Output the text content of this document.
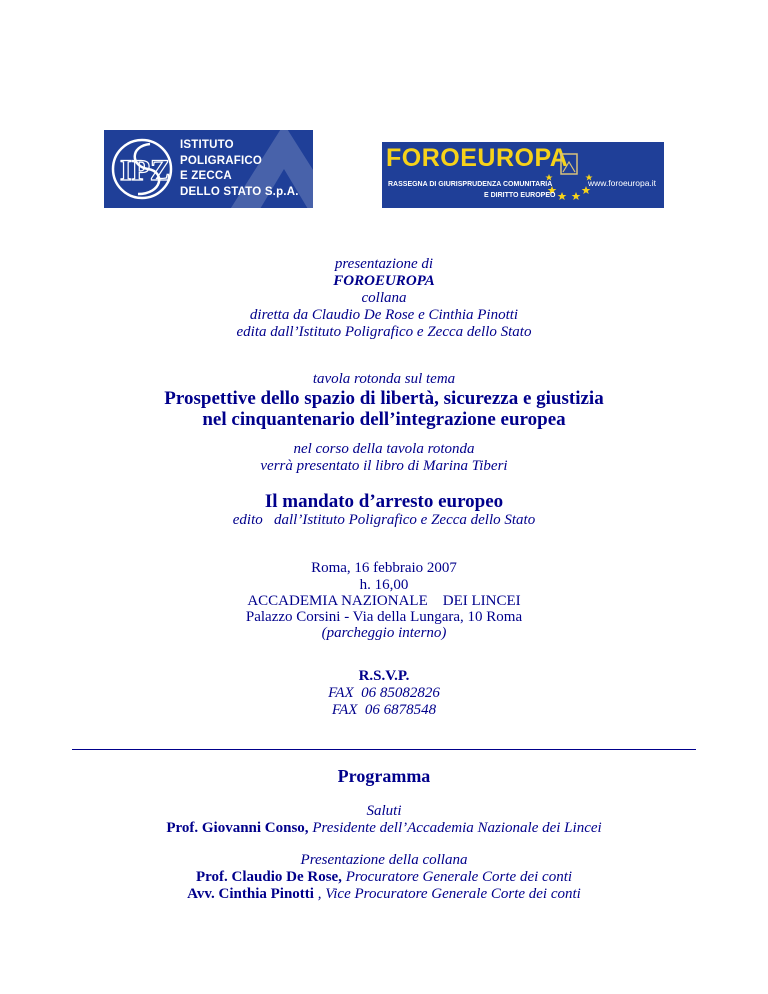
IPZ
ISTITUTO
POLIGRAFICO
E ZECCA
DELLO STATO S.p.A.
FOROEUROPA
RASSEGNA DI GIURISPRUDENZA COMUNITARIA
E DIRITTO EUROPEO
www.foroeuropa.it
presentazione di
FOROEUROPA
collana
diretta da Claudio De Rose e Cinthia Pinotti
edita dall’Istituto Poligrafico e Zecca dello Stato
tavola rotonda sul tema
Prospettive dello spazio di libertà, sicurezza e giustizia
nel cinquantenario dell’integrazione europea
nel corso della tavola rotonda
verrà presentato il libro di Marina Tiberi
Il mandato d’arresto europeo
edito   dall’Istituto Poligrafico e Zecca dello Stato
Roma, 16 febbraio 2007
h. 16,00
ACCADEMIA NAZIONALE    DEI LINCEI
Palazzo Corsini - Via della Lungara, 10 Roma
(parcheggio interno)
R.S.V.P.
FAX  06 85082826
FAX  06 6878548
Programma
Saluti
Prof. Giovanni Conso, Presidente dell’Accademia Nazionale dei Lincei
Presentazione della collana
Prof. Claudio De Rose, Procuratore Generale Corte dei conti
Avv. Cinthia Pinotti , Vice Procuratore Generale Corte dei conti
